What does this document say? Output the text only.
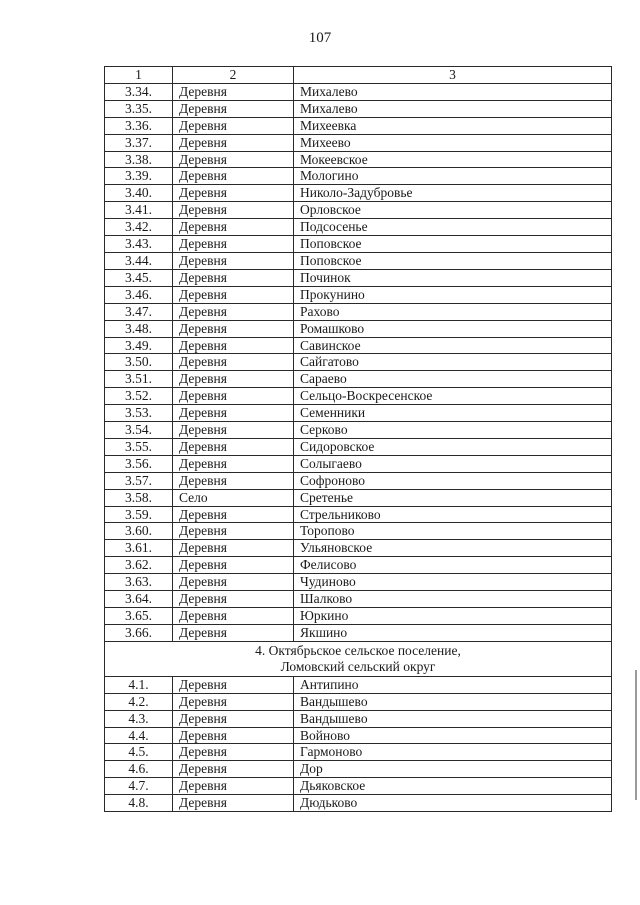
107
1	2	3
3.34.	Деревня	Михалево
3.35.	Деревня	Михалево
3.36.	Деревня	Михеевка
3.37.	Деревня	Михеево
3.38.	Деревня	Мокеевское
3.39.	Деревня	Мологино
3.40.	Деревня	Николо-Задубровье
3.41.	Деревня	Орловское
3.42.	Деревня	Подсосенье
3.43.	Деревня	Поповское
3.44.	Деревня	Поповское
3.45.	Деревня	Починок
3.46.	Деревня	Прокунино
3.47.	Деревня	Рахово
3.48.	Деревня	Ромашково
3.49.	Деревня	Савинское
3.50.	Деревня	Сайгатово
3.51.	Деревня	Сараево
3.52.	Деревня	Сельцо-Воскресенское
3.53.	Деревня	Семенники
3.54.	Деревня	Серково
3.55.	Деревня	Сидоровское
3.56.	Деревня	Солыгаево
3.57.	Деревня	Софроново
3.58.	Село	Сретенье
3.59.	Деревня	Стрельниково
3.60.	Деревня	Торопово
3.61.	Деревня	Ульяновское
3.62.	Деревня	Фелисово
3.63.	Деревня	Чудиново
3.64.	Деревня	Шалково
3.65.	Деревня	Юркино
3.66.	Деревня	Якшино
4. Октябрьское сельское поселение,
Ломовский сельский округ		
4.1.	Деревня	Антипино
4.2.	Деревня	Вандышево
4.3.	Деревня	Вандышево
4.4.	Деревня	Войново
4.5.	Деревня	Гармоново
4.6.	Деревня	Дор
4.7.	Деревня	Дьяковское
4.8.	Деревня	Дюдьково
